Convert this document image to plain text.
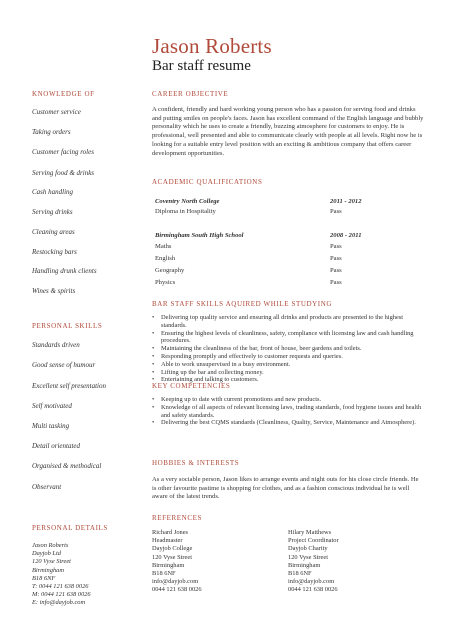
Jason Roberts
Bar staff resume
KNOWLEDGE OF
Customer service
Taking orders
Customer facing roles
Serving food & drinks
Cash handling
Serving drinks
Cleaning areas
Restocking bars
Handling drunk clients
Wines & spirits
PERSONAL SKILLS
Standards driven
Good sense of humour
Excellent self presentation
Self motivated
Multi tasking
Detail orientated
Organised & methodical
Observant
PERSONAL DETAILS
Jason Roberts
Dayjob Ltd
120 Vyse Street
Birmingham
B18 6NF
T: 0044 121 638 0026
M: 0044 121 638 0026
E: info@dayjob.com
CAREER OBJECTIVE
A confident, friendly and hard working young person who has a passion for serving food and drinks and putting smiles on people's faces. Jason has excellent command of the English language and bubbly personality which he uses to create a friendly, buzzing atmosphere for customers to enjoy. He is professional, well presented and able to communicate clearly with people at all levels. Right now he is looking for a suitable entry level position with an exciting & ambitious company that offers career development opportunities.
ACADEMIC QUALIFICATIONS
Coventry North College	2011 - 2012
Diploma in Hospitality	Pass
Birmingham South High School	2008 - 2011
Maths	Pass
English	Pass
Geography	Pass
Physics	Pass
BAR STAFF SKILLS AQUIRED WHILE STUDYING
• Delivering top quality service and ensuring all drinks and products are presented to the highest standards.
• Ensuring the highest levels of cleanliness, safety, compliance with licensing law and cash handling procedures.
• Maintaining the cleanliness of the bar, front of house, beer gardens and toilets.
• Responding promptly and effectively to customer requests and queries.
• Able to work unsupervised in a busy environment.
• Lifting up the bar and collecting money.
• Entertaining and talking to customers.
KEY COMPETENCIES
• Keeping up to date with current promotions and new products.
• Knowledge of all aspects of relevant licensing laws, trading standards, food hygiene issues and health and safety standards.
• Delivering the best CQMS standards (Cleanliness, Quality, Service, Maintenance and Atmosphere).
HOBBIES & INTERESTS
As a very sociable person, Jason likes to arrange events and night outs for his close circle friends. He is other favourite pastime is shopping for clothes, and as a fashion conscious individual he is well aware of the latest trends.
REFERENCES
Richard Jones
Headmaster
Dayjob College
120 Vyse Street
Birmingham
B18 6NF
info@dayjob.com
0044 121 638 0026
Hilary Matthews
Project Coordinator
Dayjob Charity
120 Vyse Street
Birmingham
B18 6NF
info@dayjob.com
0044 121 638 0026
